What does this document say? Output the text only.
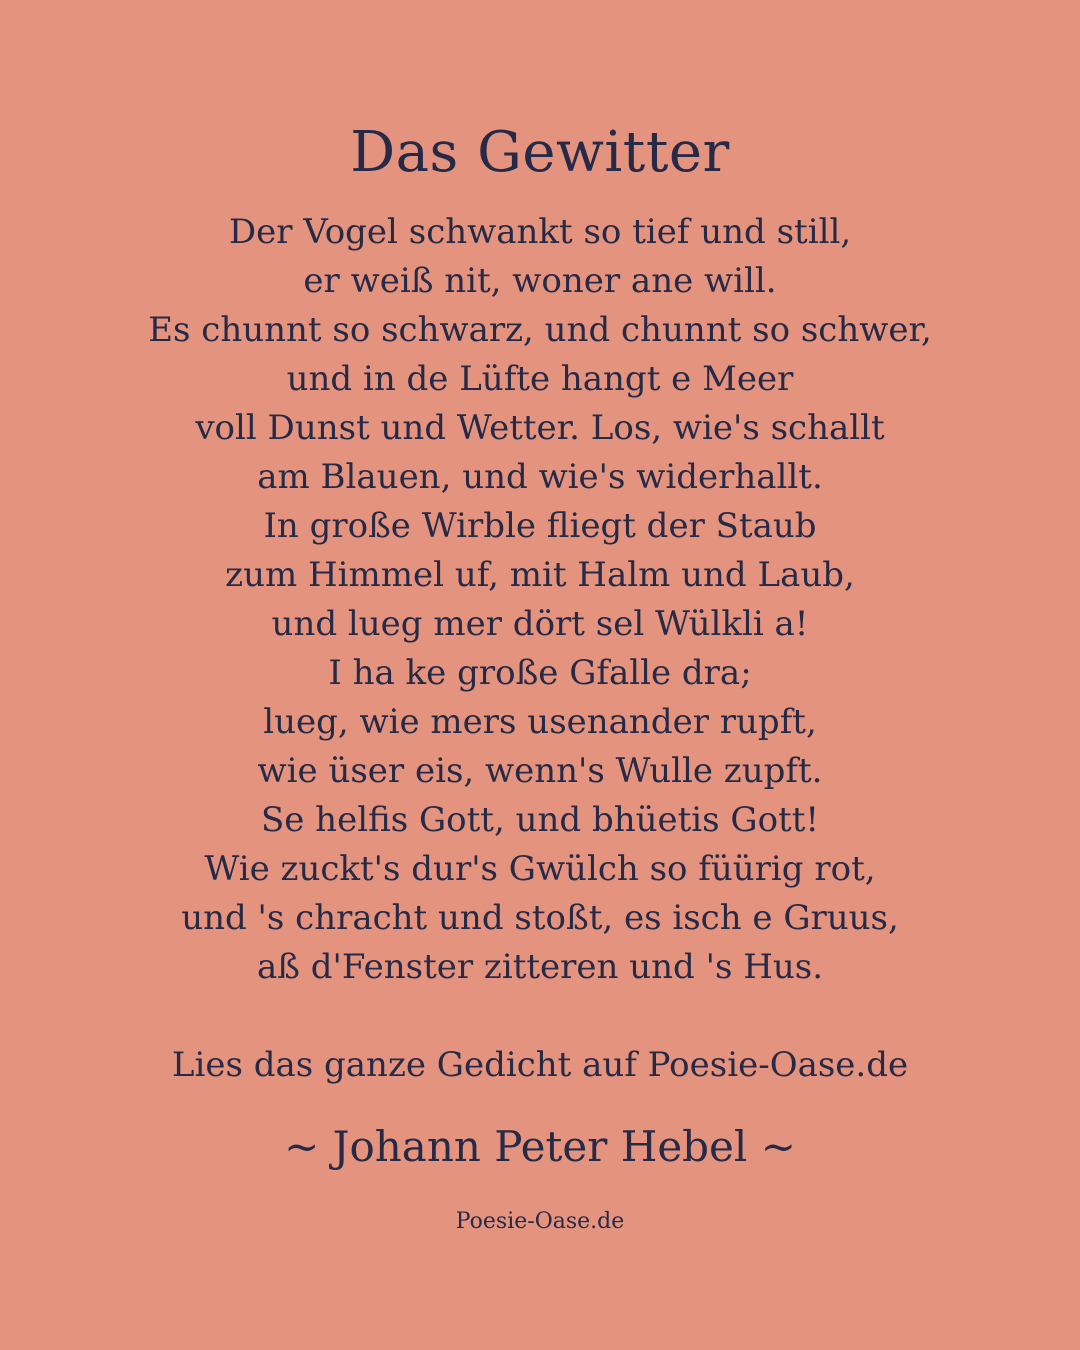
Das Gewitter
Der Vogel schwankt so tief und still,
er weiß nit, woner ane will.
Es chunnt so schwarz, und chunnt so schwer,
und in de Lüfte hangt e Meer
voll Dunst und Wetter. Los, wie's schallt
am Blauen, und wie's widerhallt.
In große Wirble fliegt der Staub
zum Himmel uf, mit Halm und Laub,
und lueg mer dört sel Wülkli a!
I ha ke große Gfalle dra;
lueg, wie mers usenander rupft,
wie üser eis, wenn's Wulle zupft.
Se helfis Gott, und bhüetis Gott!
Wie zuckt's dur's Gwülch so füürig rot,
und 's chracht und stoßt, es isch e Gruus,
aß d'Fenster zitteren und 's Hus.
Lies das ganze Gedicht auf Poesie-Oase.de
~ Johann Peter Hebel ~
Poesie-Oase.de
